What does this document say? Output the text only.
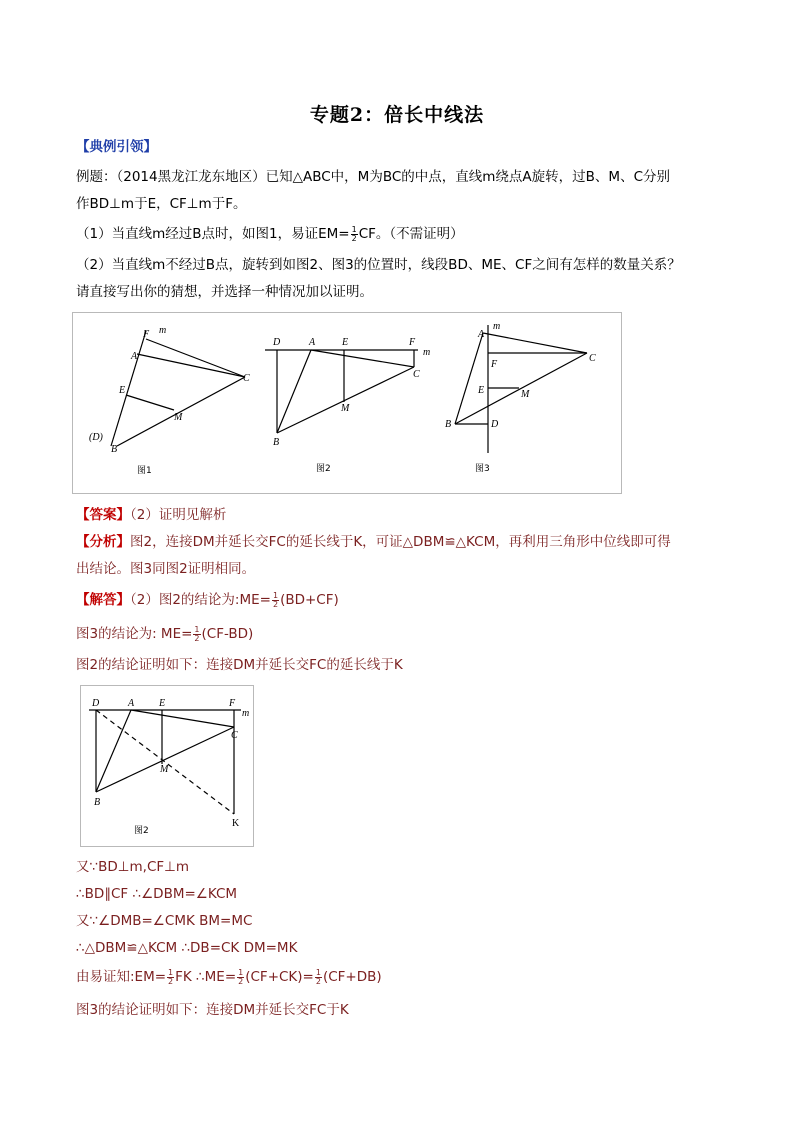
专题2：倍长中线法
【典例引领】
例题：（2014黑龙江龙东地区）已知△ABC中，M为BC的中点，直线m绕点A旋转，过B、M、C分别
作BD⊥m于E，CF⊥m于F。
（1）当直线m经过B点时，如图1，易证$EM= \frac{1}{2}$ CF。（不需证明）
（2）当直线m不经过B点，旋转到如图2、图3的位置时，线段BD、ME、CF之间有怎样的数量关系？
请直接写出你的猜想，并选择一种情况加以证明。
F m
A
C
E
M
(D)
B
D	A	E	F
m
C
M
B
A
m
F
C
E	M
B	D
图1	图2	图3
【答案】（2）证明见解析
【分析】图2，连接DM并延长交FC的延长线于K，可证△DBM≌△KCM，再利用三角形中位线即可得
出结论。图3同图2证明相同。
【解答】（2）图2的结论为:ME= $\frac{1}{2} (BD+CF)$
图3的结论为: $ME= \frac{1}{2} (CF-BD)$
图2的结论证明如下：连接DM并延长交FC的延长线于K
D	A E	F
m
C
M
B
K
图2
又∵BD⊥m,CF⊥m
∴BD∥CF ∴∠DBM=∠KCM
又∵∠DMB=∠CMK BM=MC
∴△DBM≌△KCM ∴DB=CK DM=MK
由易证知:EM= $\frac{1}{2}$ FK ∴ME= $\frac{1}{2} (CF+CK)= \frac{1}{2} (CF+DB)$
图3的结论证明如下：连接DM并延长交FC于K
